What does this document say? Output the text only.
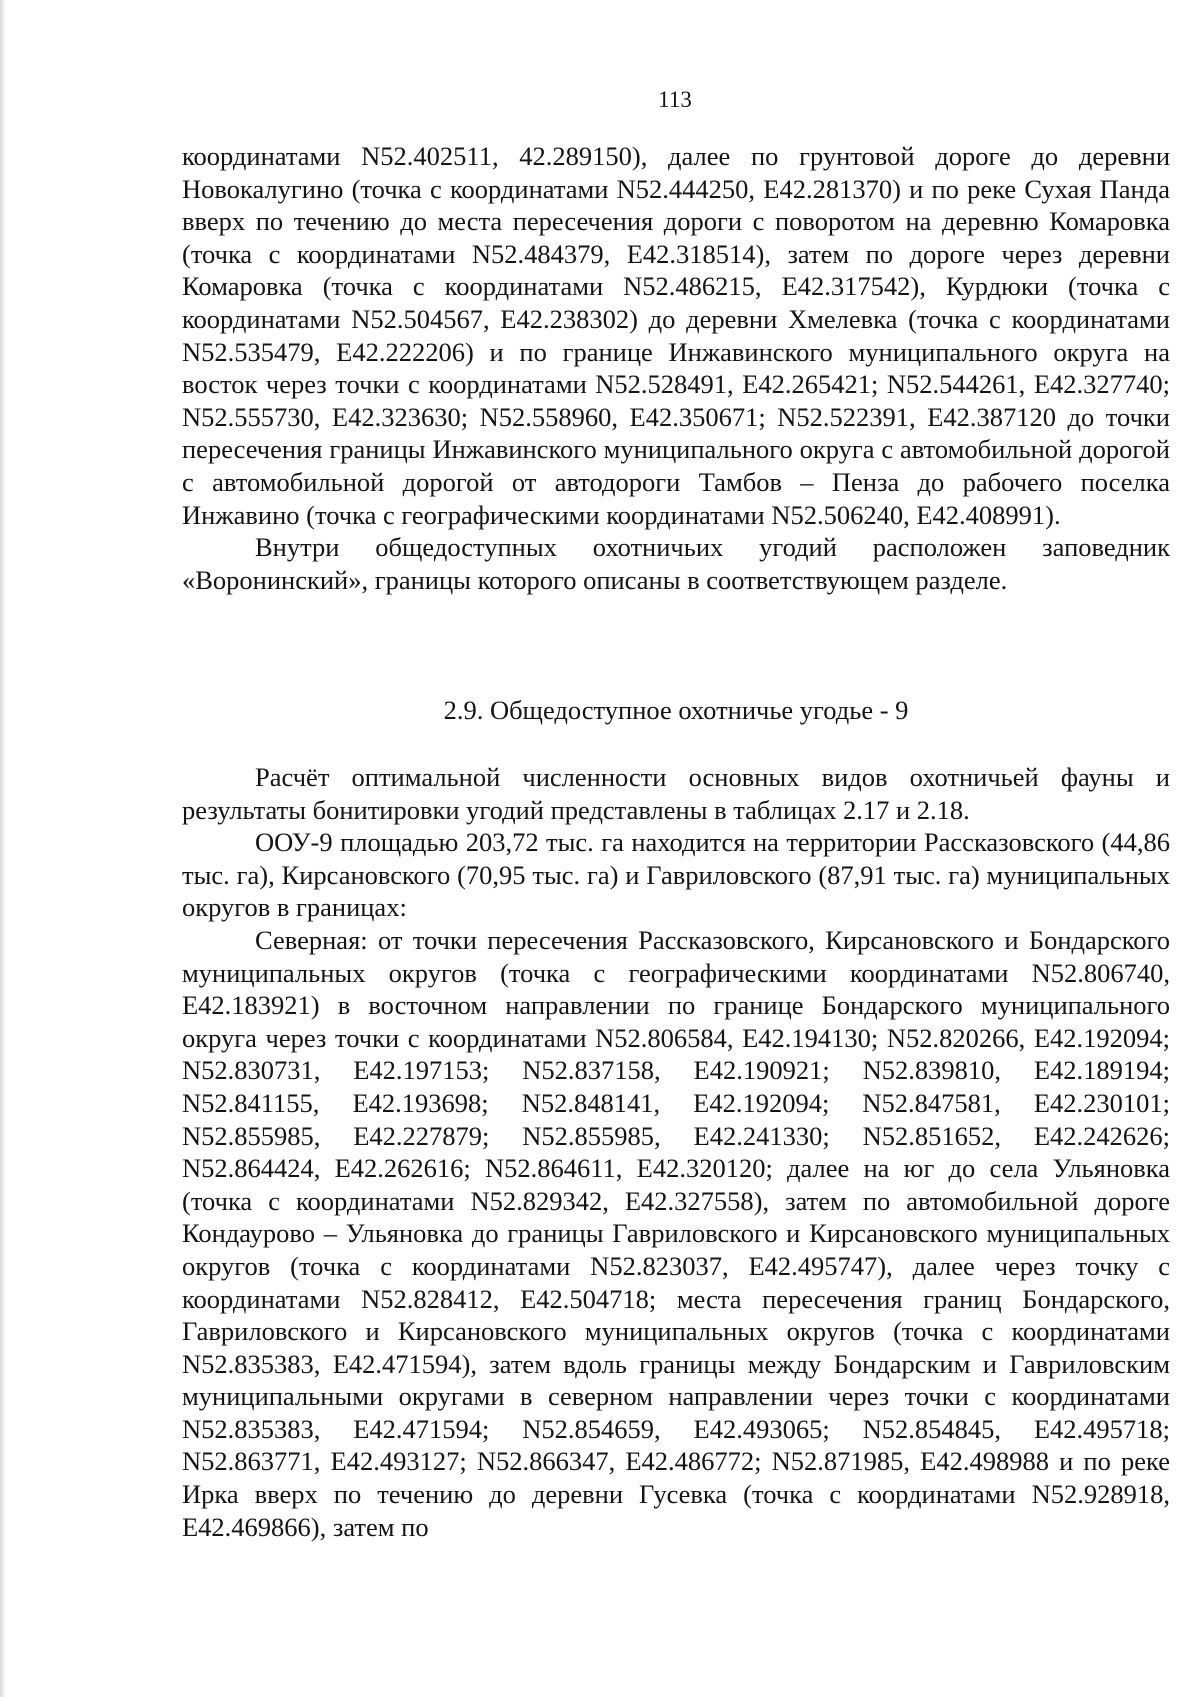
113

координатами N52.402511, 42.289150), далее по грунтовой дороге до деревни Новокалугино (точка с координатами N52.444250, E42.281370) и по реке Сухая Панда вверх по течению до места пересечения дороги с поворотом на деревню Комаровка (точка с координатами N52.484379, E42.318514), затем по дороге через деревни Комаровка (точка с координатами N52.486215, E42.317542), Курдюки (точка с координатами N52.504567, E42.238302) до деревни Хмелевка (точка с координатами N52.535479, E42.222206) и по границе Инжавинского муниципального округа на восток через точки с координатами N52.528491, E42.265421; N52.544261, E42.327740; N52.555730, E42.323630; N52.558960, E42.350671; N52.522391, E42.387120 до точки пересечения границы Инжавинского муниципального округа с автомобильной дорогой с автомобильной дорогой от автодороги Тамбов – Пенза до рабочего поселка Инжавино (точка с географическими координатами N52.506240, E42.408991).

Внутри общедоступных охотничьих угодий расположен заповедник «Воронинский», границы которого описаны в соответствующем разделе.

2.9. Общедоступное охотничье угодье - 9

Расчёт оптимальной численности основных видов охотничьей фауны и результаты бонитировки угодий представлены в таблицах 2.17 и 2.18.

ООУ-9 площадью 203,72 тыс. га находится на территории Рассказовского (44,86 тыс. га), Кирсановского (70,95 тыс. га) и Гавриловского (87,91 тыс. га) муниципальных округов в границах:

Северная: от точки пересечения Рассказовского, Кирсановского и Бондарского муниципальных округов (точка с географическими координатами N52.806740, E42.183921) в восточном направлении по границе Бондарского муниципального округа через точки с координатами N52.806584, E42.194130; N52.820266, E42.192094; N52.830731, E42.197153; N52.837158, E42.190921; N52.839810, E42.189194; N52.841155, E42.193698; N52.848141, E42.192094; N52.847581, E42.230101; N52.855985, E42.227879; N52.855985, E42.241330; N52.851652, E42.242626; N52.864424, E42.262616; N52.864611, E42.320120; далее на юг до села Ульяновка (точка с координатами N52.829342, E42.327558), затем по автомобильной дороге Кондаурово – Ульяновка до границы Гавриловского и Кирсановского муниципальных округов (точка с координатами N52.823037, E42.495747), далее через точку с координатами N52.828412, E42.504718; места пересечения границ Бондарского, Гавриловского и Кирсановского муниципальных округов (точка с координатами N52.835383, E42.471594), затем вдоль границы между Бондарским и Гавриловским муниципальными округами в северном направлении через точки с координатами N52.835383, E42.471594; N52.854659, E42.493065; N52.854845, E42.495718; N52.863771, E42.493127; N52.866347, E42.486772; N52.871985, E42.498988 и по реке Ирка вверх по течению до деревни Гусевка (точка с координатами N52.928918, E42.469866), затем по
